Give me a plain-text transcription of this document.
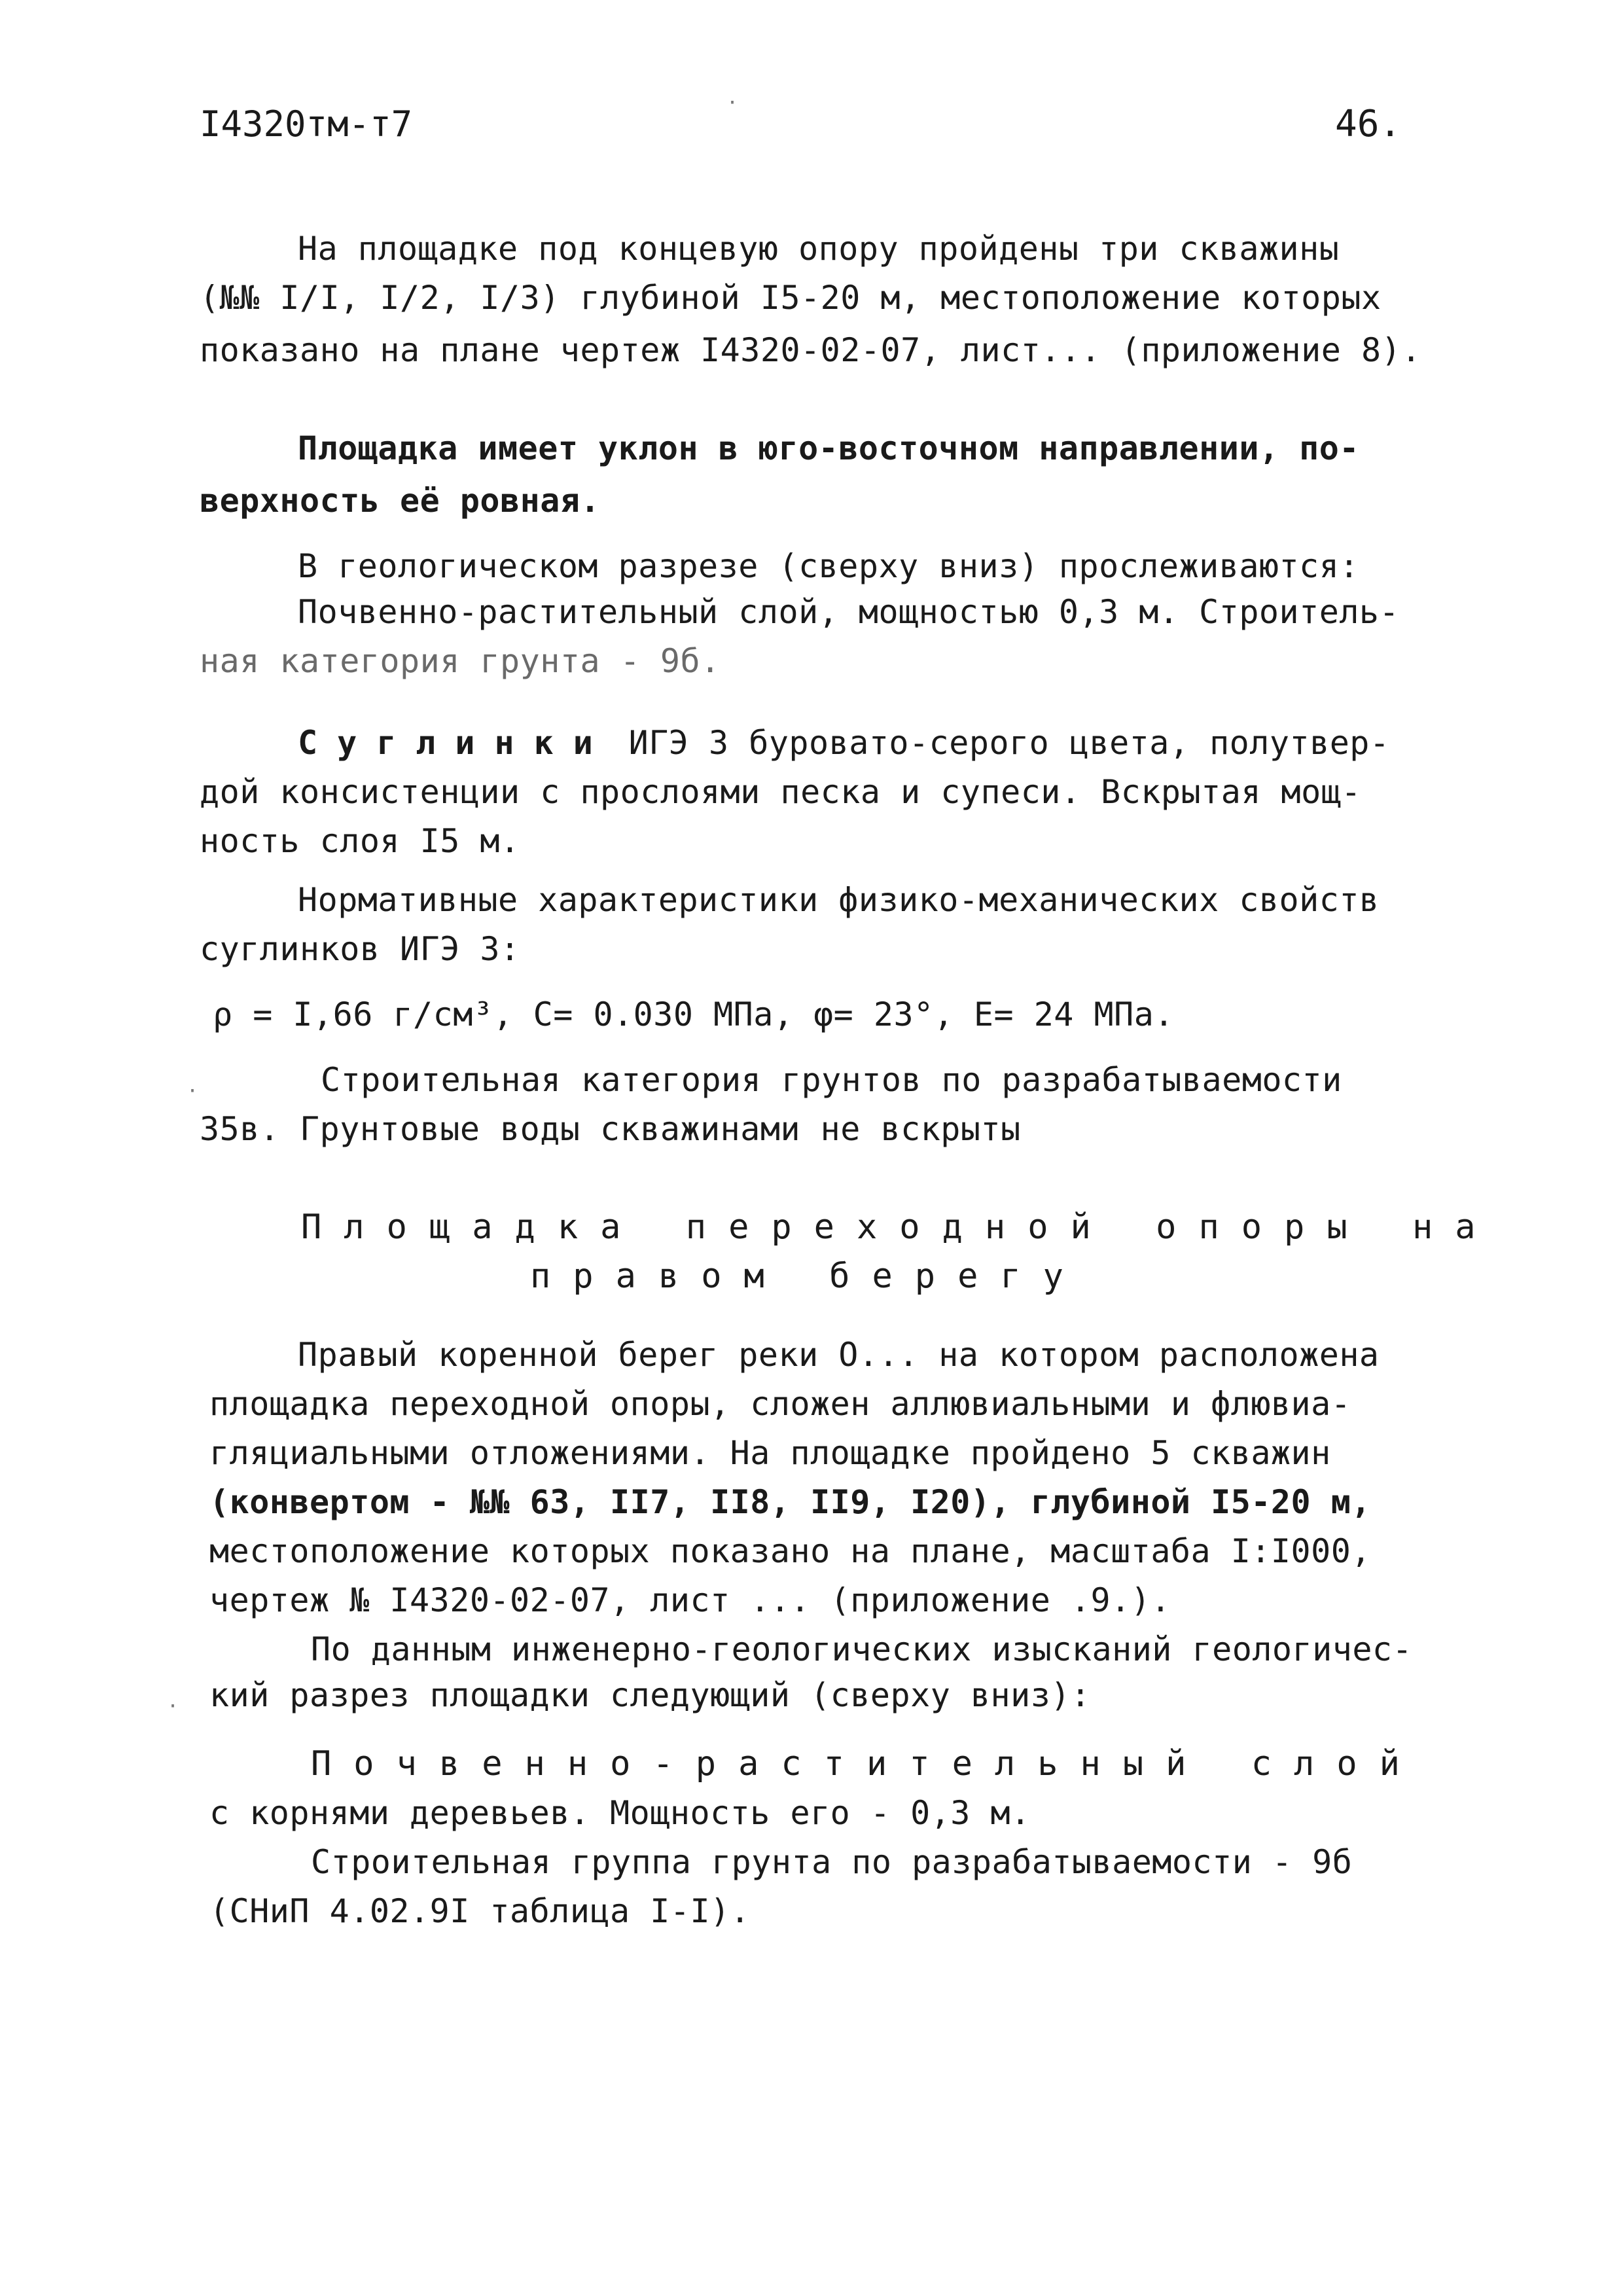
I4320тм-т7	46.
·
На площадке под концевую опору пройдены три скважины
(№№ I/I, I/2, I/3) глубиной I5-20 м, местоположение которых
показано на плане чертеж I4320-02-07, лист... (приложение 8).
Площадка имеет уклон в юго-восточном направлении, по-
верхность её ровная.
В геологическом разрезе (сверху вниз) прослеживаются:
Почвенно-растительный слой, мощностью 0,3 м. Строитель-
ная категория грунта - 9б.
Суглинки
ИГЭ 3 буровато-серого цвета, полутвер-
дой консистенции с прослоями песка и супеси. Вскрытая мощ-
ность слоя I5 м.
Нормативные характеристики физико-механических свойств
суглинков ИГЭ 3:
ρ = I,66 г/см³, C= 0.030 МПа, φ= 23°, E= 24 МПа.
Строительная категория грунтов по разрабатываемости
35в. Грунтовые воды скважинами не вскрыты
·
Площадка переходной опоры на
правом берегу
Правый коренной берег реки О... на котором расположена
площадка переходной опоры, сложен аллювиальными и флювиа-
гляциальными отложениями. На площадке пройдено 5 скважин
(конвертом - №№ 63, II7, II8, II9, I20), глубиной I5-20 м,
местоположение которых показано на плане, масштаба I:I000,
чертеж № I4320-02-07, лист ... (приложение .9.).
По данным инженерно-геологических изысканий геологичес-
кий разрез площадки следующий (сверху вниз):
·
Почвенно-растительный слой
с корнями деревьев. Мощность его - 0,3 м.
Строительная группа грунта по разрабатываемости - 9б
(СНиП 4.02.9I таблица I-I).
